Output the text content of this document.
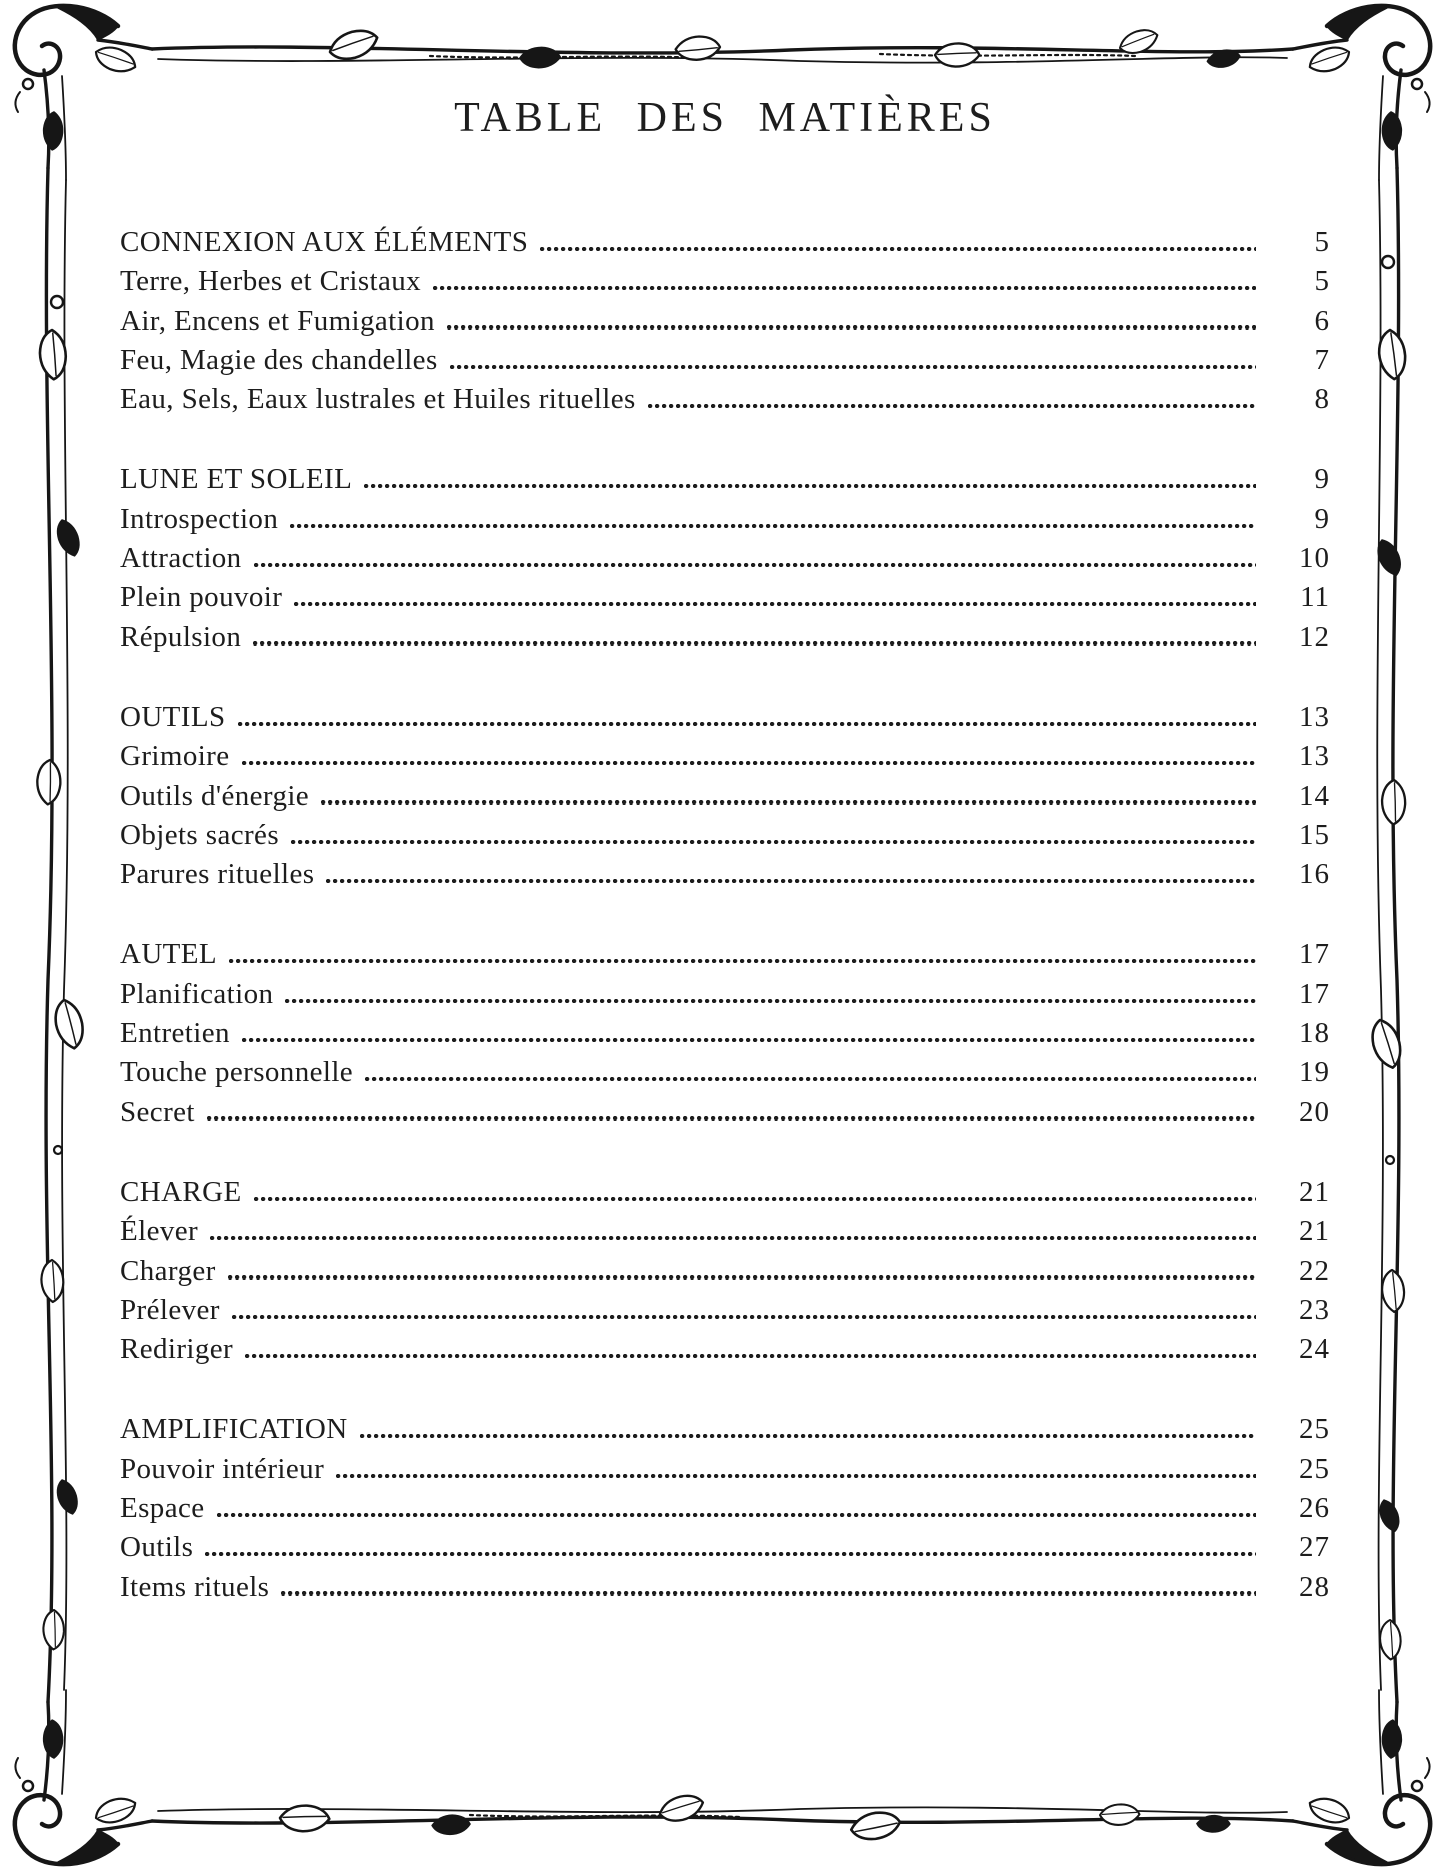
TABLE DES MATIÈRES
CONNEXION AUX ÉLÉMENTS	5
Terre, Herbes et Cristaux	5
Air, Encens et Fumigation	6
Feu, Magie des chandelles	7
Eau, Sels, Eaux lustrales et Huiles rituelles	8
LUNE ET SOLEIL	9
Introspection	9
Attraction	10
Plein pouvoir	11
Répulsion	12
OUTILS	13
Grimoire	13
Outils d'énergie	14
Objets sacrés	15
Parures rituelles	16
AUTEL	17
Planification	17
Entretien	18
Touche personnelle	19
Secret	20
CHARGE	21
Élever	21
Charger	22
Prélever	23
Rediriger	24
AMPLIFICATION	25
Pouvoir intérieur	25
Espace	26
Outils	27
Items rituels	28
